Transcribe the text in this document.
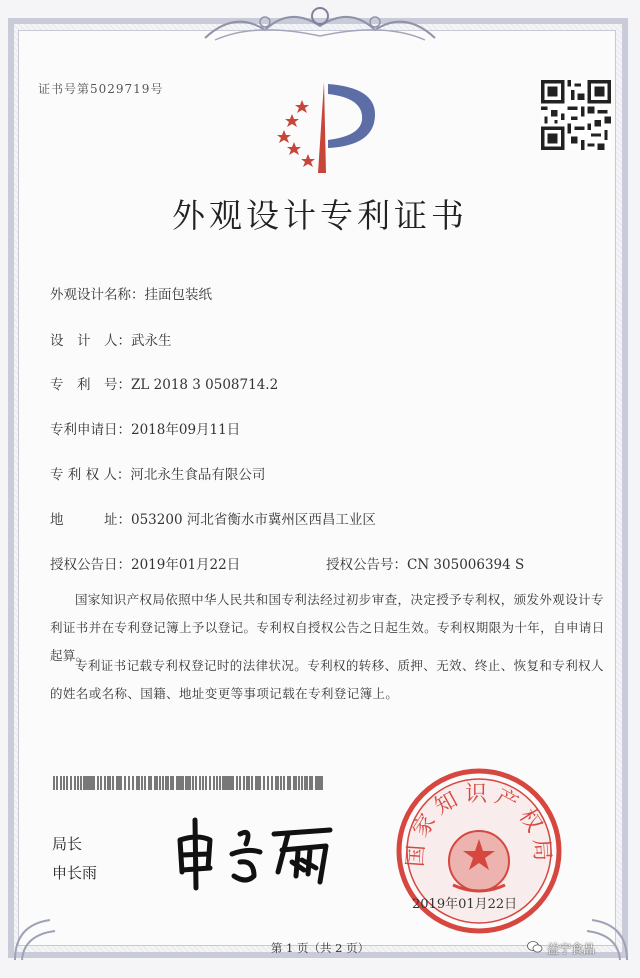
证书号第5029719号
外观设计专利证书
外观设计名称：挂面包装纸
设　计　人：武永生
专　利　号：ZL 2018 3 0508714.2
专利申请日：2018年09月11日
专 利 权 人：河北永生食品有限公司
地　　　址：053200 河北省衡水市冀州区西昌工业区
授权公告日：2019年01月22日	授权公告号：CN 305006394 S
国家知识产权局依照中华人民共和国专利法经过初步审查，决定授予专利权，颁发外观设计专利证书并在专利登记簿上予以登记。专利权自授权公告之日起生效。专利权期限为十年，自申请日起算。
专利证书记载专利权登记时的法律状况。专利权的转移、质押、无效、终止、恢复和专利权人的姓名或名称、国籍、地址变更等事项记载在专利登记簿上。
局长
申长雨
国家知识产权局
2019年01月22日
第 1 页（共 2 页）	益宁食品
